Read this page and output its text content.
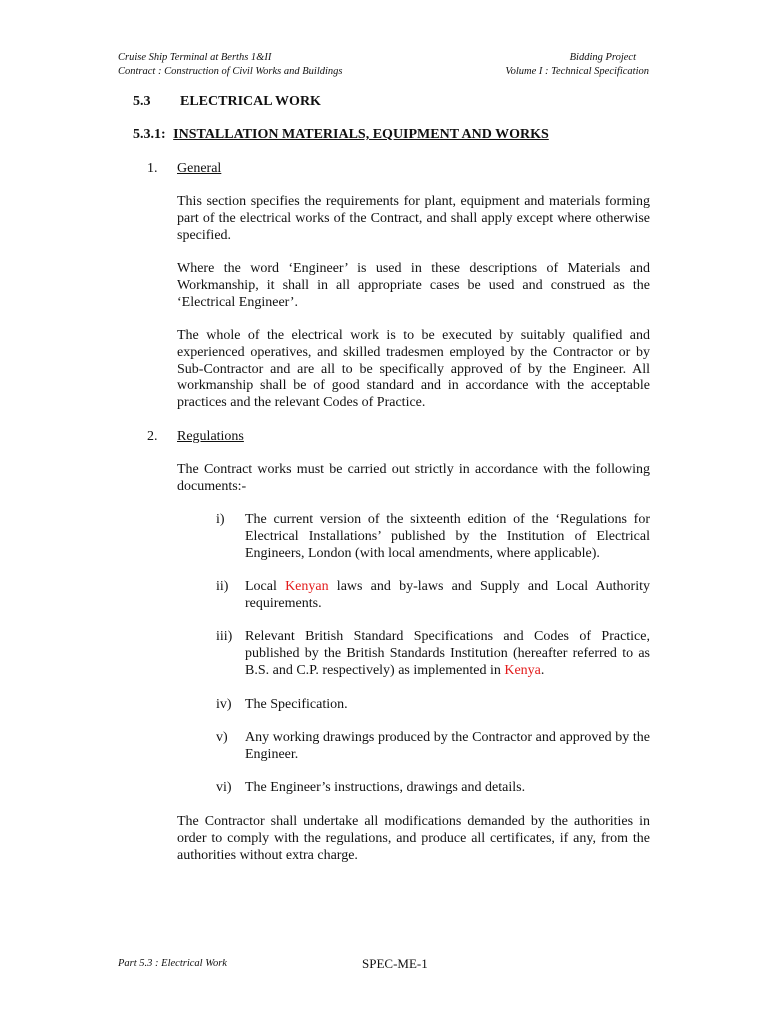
Cruise Ship Terminal at Berths 1&II
Contract : Construction of Civil Works and Buildings
Bidding Project
Volume I : Technical Specification
5.3 ELECTRICAL WORK
5.3.1: INSTALLATION MATERIALS, EQUIPMENT AND WORKS
1. General

This section specifies the requirements for plant, equipment and materials forming part of the electrical works of the Contract, and shall apply except where otherwise specified.

Where the word ‘Engineer’ is used in these descriptions of Materials and Workmanship, it shall in all appropriate cases be used and construed as the ‘Electrical Engineer’.

The whole of the electrical work is to be executed by suitably qualified and experienced operatives, and skilled tradesmen employed by the Contractor or by Sub-Contractor and are all to be specifically approved of by the Engineer. All workmanship shall be of good standard and in accordance with the acceptable practices and the relevant Codes of Practice.

2. Regulations

The Contract works must be carried out strictly in accordance with the following documents:-

i) The current version of the sixteenth edition of the ‘Regulations for Electrical Installations’ published by the Institution of Electrical Engineers, London (with local amendments, where applicable).
ii) Local Kenyan laws and by-laws and Supply and Local Authority requirements.
iii) Relevant British Standard Specifications and Codes of Practice, published by the British Standards Institution (hereafter referred to as B.S. and C.P. respectively) as implemented in Kenya.
iv) The Specification.
v) Any working drawings produced by the Contractor and approved by the Engineer.
vi) The Engineer’s instructions, drawings and details.

The Contractor shall undertake all modifications demanded by the authorities in order to comply with the regulations, and produce all certificates, if any, from the authorities without extra charge.

Part 5.3 : Electrical Work	SPEC-ME-1
